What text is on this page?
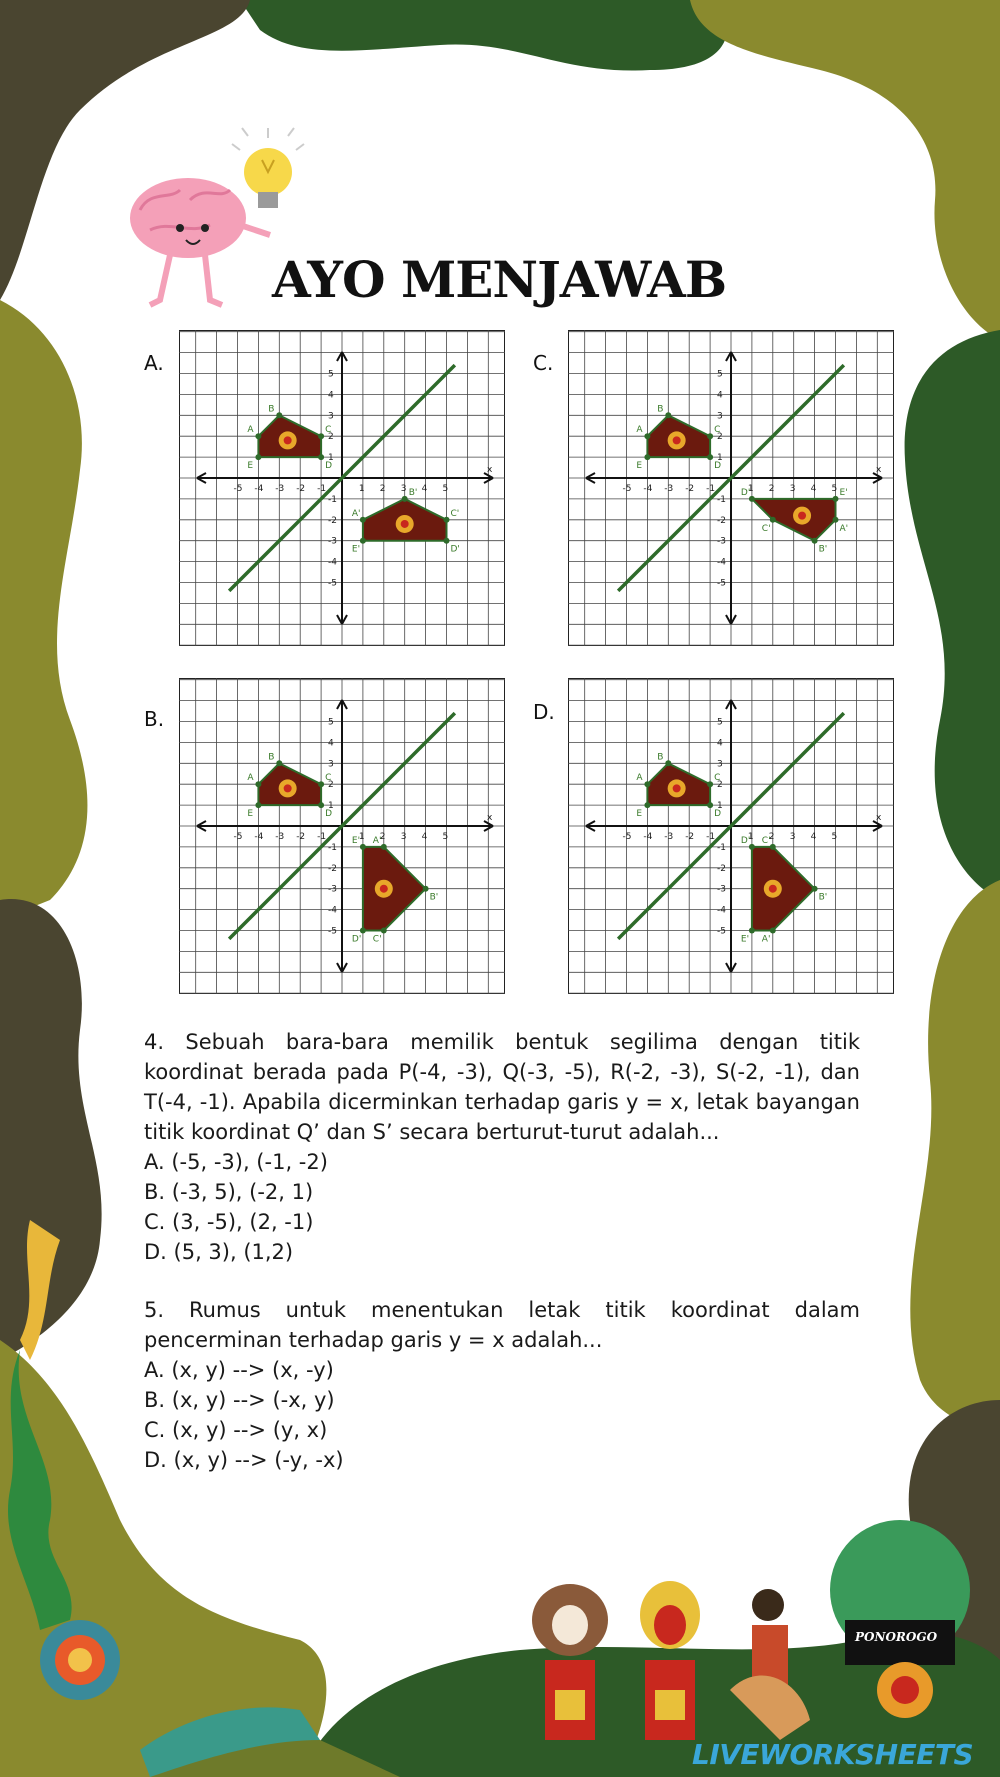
AYO MENJAWAB
A.	C.
B.	D.
x
-5 -4 -3 -2 -1	1 2 3 4 5
5
4
3
2
1
-1
-2
-3
-4
-5
A
B
C
D
E
A'
B'
C'
D'
E'
x
-5 -4 -3 -2 -1	1 2 3 4 5
5
4
3
2
1
-1
-2
-3
-4
-5
A
B
C
D
E
D'	E'
A'
B'
C'
x
-5 -4 -3 -2 -1	1 2 3 4 5
5
4
3
2
1
-1
-2
-3
-4
-5
A
B
C
D
E
E' A'
B'
C'
D'
x
-5 -4 -3 -2 -1	1 2 3 4 5
5
4
3
2
1
-1
-2
-3
-4
-5
A
B
C
D
E
D' C'
B'
A'
E'

4. Sebuah bara-bara memilik bentuk segilima dengan titik koordinat berada pada P(-4, -3), Q(-3, -5), R(-2, -3), S(-2, -1), dan T(-4, -1). Apabila dicerminkan terhadap garis y = x, letak bayangan titik koordinat Q’ dan S’ secara berturut-turut adalah...

A. (-5, -3), (-1, -2)

B. (-3, 5), (-2, 1)

C. (3, -5), (2, -1)

D. (5, 3), (1,2)

5. Rumus untuk menentukan letak titik koordinat dalam pencerminan terhadap garis y = x adalah...

A. (x, y) --> (x, -y)

B. (x, y) --> (-x, y)

C. (x, y) --> (y, x)

D. (x, y) --> (-y, -x)

PONOROGO
LIVEWORKSHEETS
